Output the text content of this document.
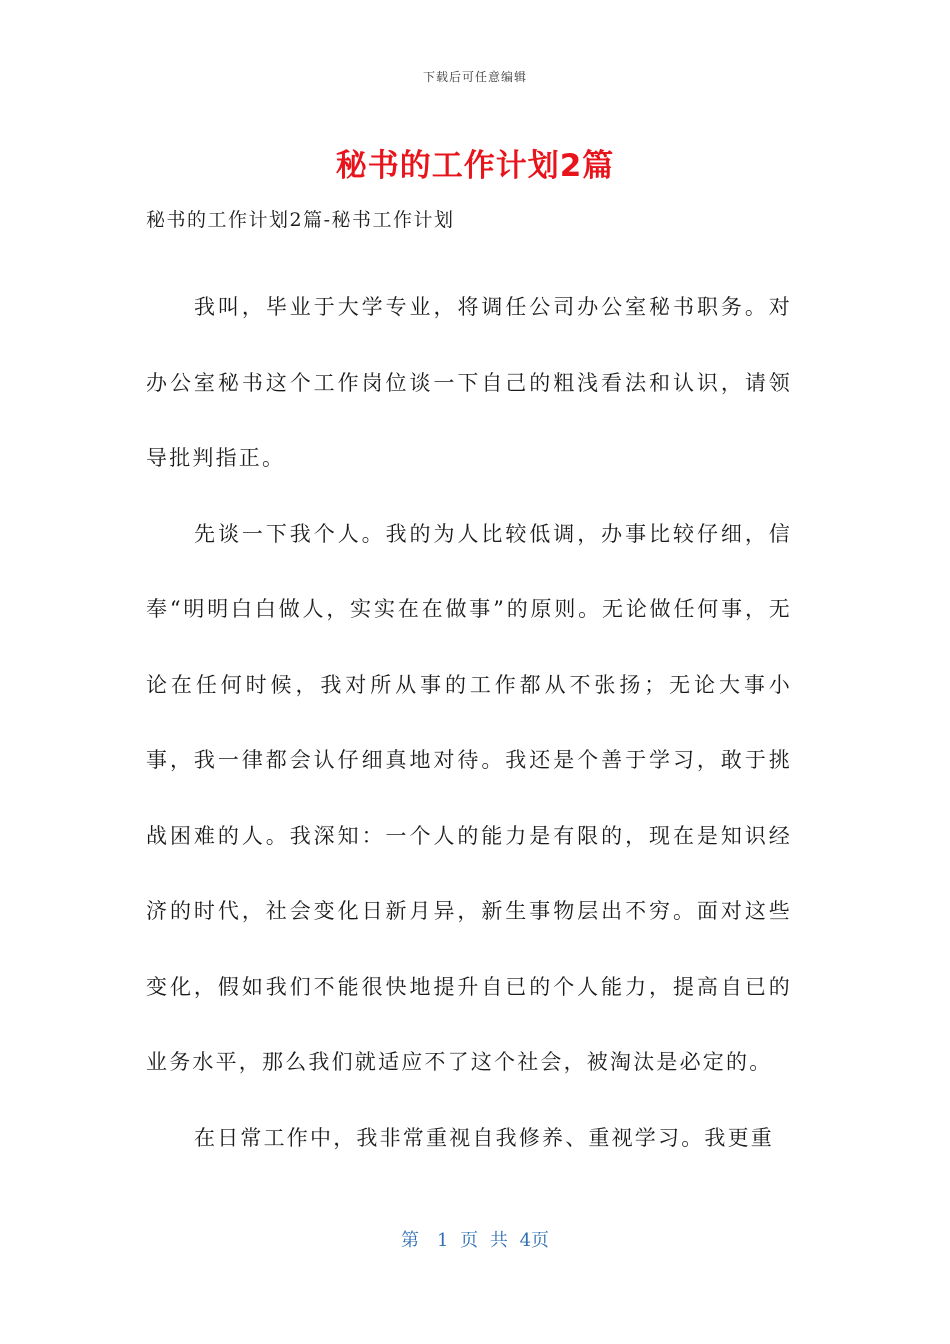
下载后可任意编辑
秘书的工作计划2篇

秘书的工作计划2篇-秘书工作计划

我叫，毕业于大学专业，将调任公司办公室秘书职务。对办公室秘书这个工作岗位谈一下自己的粗浅看法和认识，请领导批判指正。

先谈一下我个人。我的为人比较低调，办事比较仔细，信奉“明明白白做人，实实在在做事”的原则。无论做任何事，无论在任何时候，我对所从事的工作都从不张扬；无论大事小事，我一律都会认仔细真地对待。我还是个善于学习，敢于挑战困难的人。我深知：一个人的能力是有限的，现在是知识经济的时代，社会变化日新月异，新生事物层出不穷。面对这些变化，假如我们不能很快地提升自已的个人能力，提高自已的业务水平，那么我们就适应不了这个社会，被淘汰是必定的。

在日常工作中，我非常重视自我修养、重视学习。我更重

第　1 页 共 4页
